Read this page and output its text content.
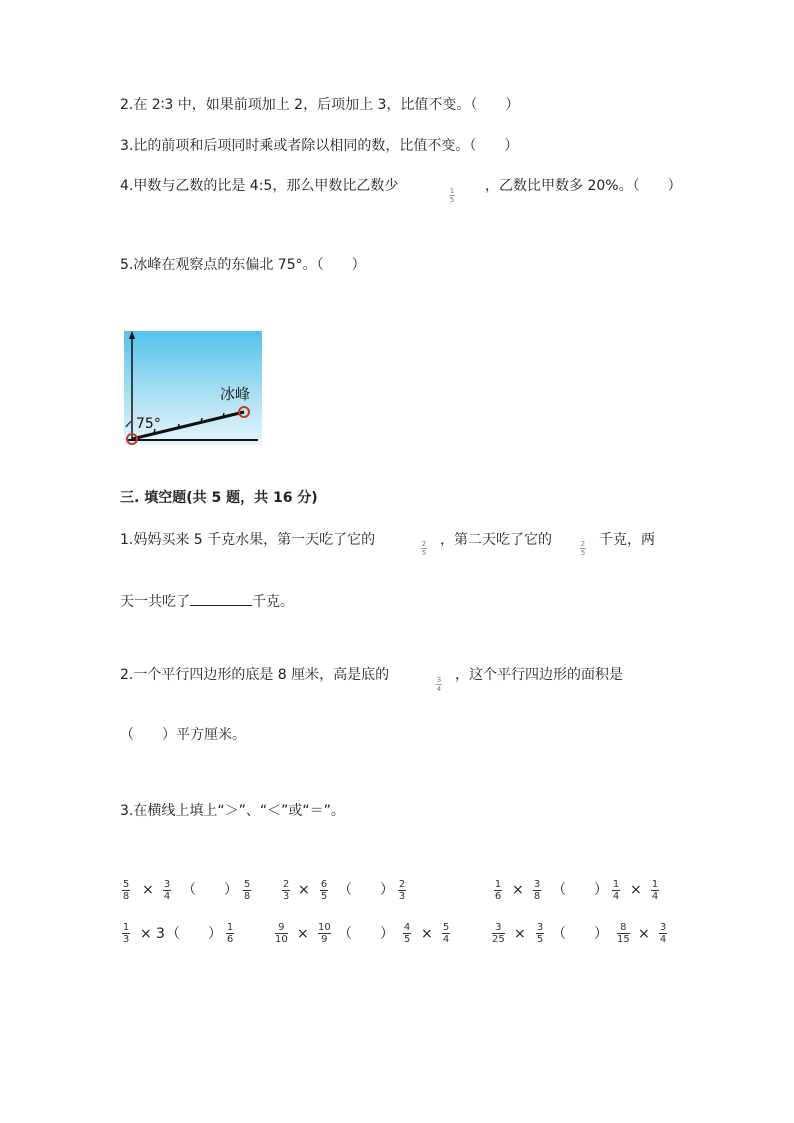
2.在 2∶3 中，如果前项加上 2，后项加上 3，比值不变。（　　）
3.比的前项和后项同时乘或者除以相同的数，比值不变。（　　）
4.甲数与乙数的比是 4:5，那么甲数比乙数少	1
5
，乙数比甲数多 20%。（　　）
5.冰峰在观察点的东偏北 75°。（　　）
75°
冰峰
三. 填空题(共 5 题，共 16 分)
1.妈妈买来 5 千克水果，第一天吃了它的	2
5
，第二天吃了它的	2
5
千克，两
天一共吃了	千克。
2.一个平行四边形的底是 8 厘米，高是底的	3
4
，这个平行四边形的面积是
（　　）平方厘米。
3.在横线上填上“＞”、“＜”或“＝”。
5
8 × 3
4 （　　） 5
8
2
3 × 6
5 （　　） 2
3
1
6 × 3
8 （　　） 1
4 × 1
4
1
3 × 3 （　　） 1
6
9
10 × 10
9 （　　） 4
5 × 5
4
3
25 × 3
5 （　　） 8
15 × 3
4
